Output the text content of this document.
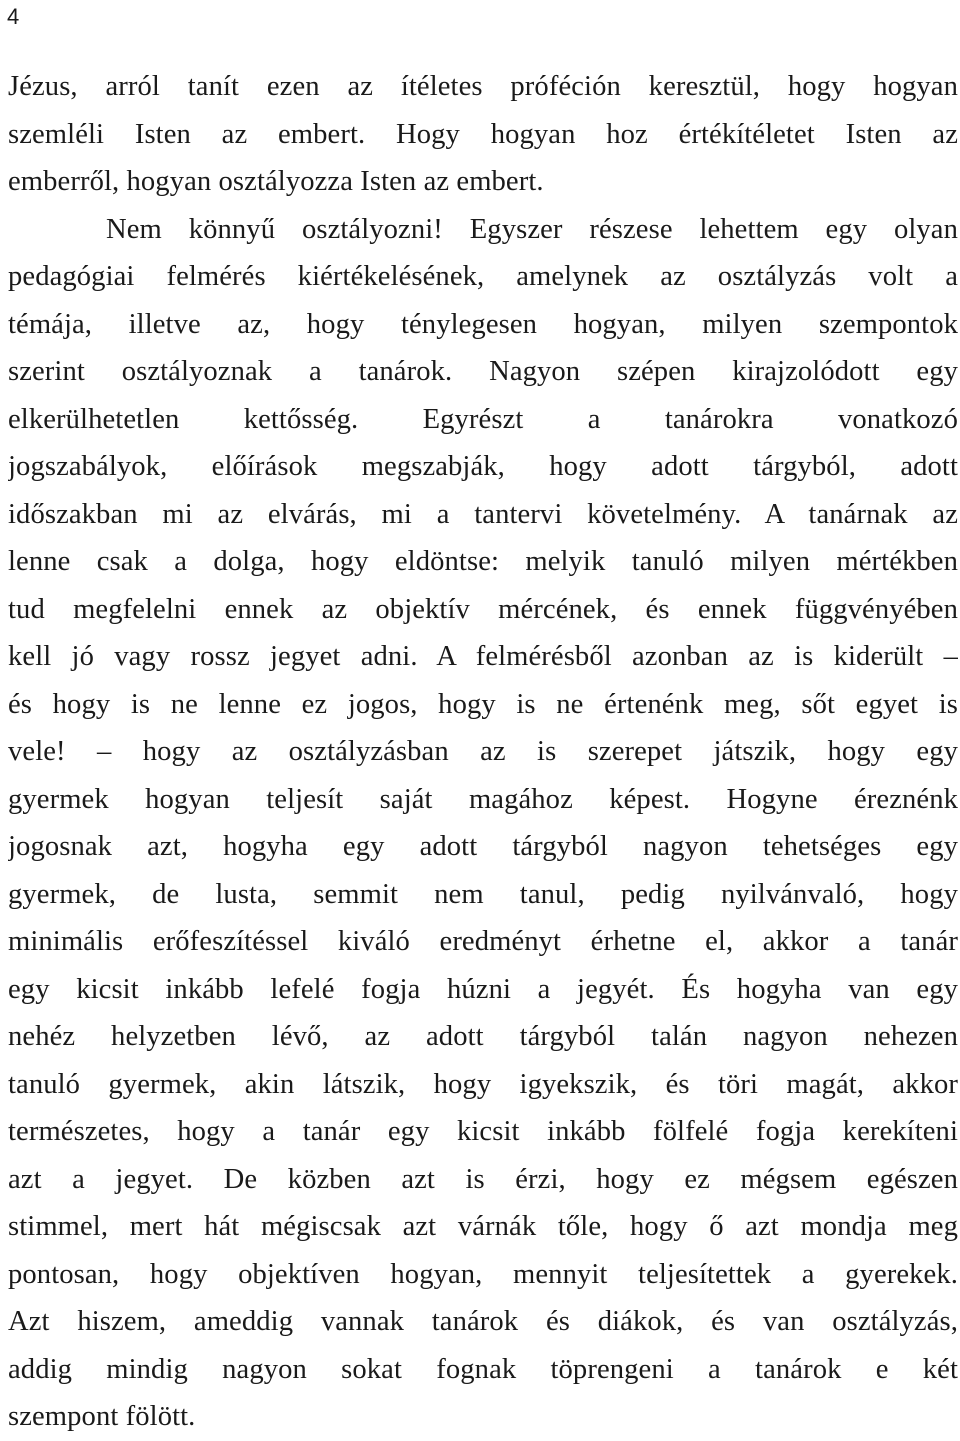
4
Jézus, arról tanít ezen az ítéletes próféción keresztül, hogy hogyan
szemléli Isten az embert. Hogy hogyan hoz értékítéletet Isten az
emberről, hogyan osztályozza Isten az embert.
Nem könnyű osztályozni! Egyszer részese lehettem egy olyan
pedagógiai felmérés kiértékelésének, amelynek az osztályzás volt a
témája, illetve az, hogy ténylegesen hogyan, milyen szempontok
szerint osztályoznak a tanárok. Nagyon szépen kirajzolódott egy
elkerülhetetlen kettősség. Egyrészt a tanárokra vonatkozó
jogszabályok, előírások megszabják, hogy adott tárgyból, adott
időszakban mi az elvárás, mi a tantervi követelmény. A tanárnak az
lenne csak a dolga, hogy eldöntse: melyik tanuló milyen mértékben
tud megfelelni ennek az objektív mércének, és ennek függvényében
kell jó vagy rossz jegyet adni. A felmérésből azonban az is kiderült –
és hogy is ne lenne ez jogos, hogy is ne értenénk meg, sőt egyet is
vele! – hogy az osztályzásban az is szerepet játszik, hogy egy
gyermek hogyan teljesít saját magához képest. Hogyne éreznénk
jogosnak azt, hogyha egy adott tárgyból nagyon tehetséges egy
gyermek, de lusta, semmit nem tanul, pedig nyilvánvaló, hogy
minimális erőfeszítéssel kiváló eredményt érhetne el, akkor a tanár
egy kicsit inkább lefelé fogja húzni a jegyét. És hogyha van egy
nehéz helyzetben lévő, az adott tárgyból talán nagyon nehezen
tanuló gyermek, akin látszik, hogy igyekszik, és töri magát, akkor
természetes, hogy a tanár egy kicsit inkább fölfelé fogja kerekíteni
azt a jegyet. De közben azt is érzi, hogy ez mégsem egészen
stimmel, mert hát mégiscsak azt várnák tőle, hogy ő azt mondja meg
pontosan, hogy objektíven hogyan, mennyit teljesítettek a gyerekek.
Azt hiszem, ameddig vannak tanárok és diákok, és van osztályzás,
addig mindig nagyon sokat fognak töprengeni a tanárok e két
szempont fölött.
